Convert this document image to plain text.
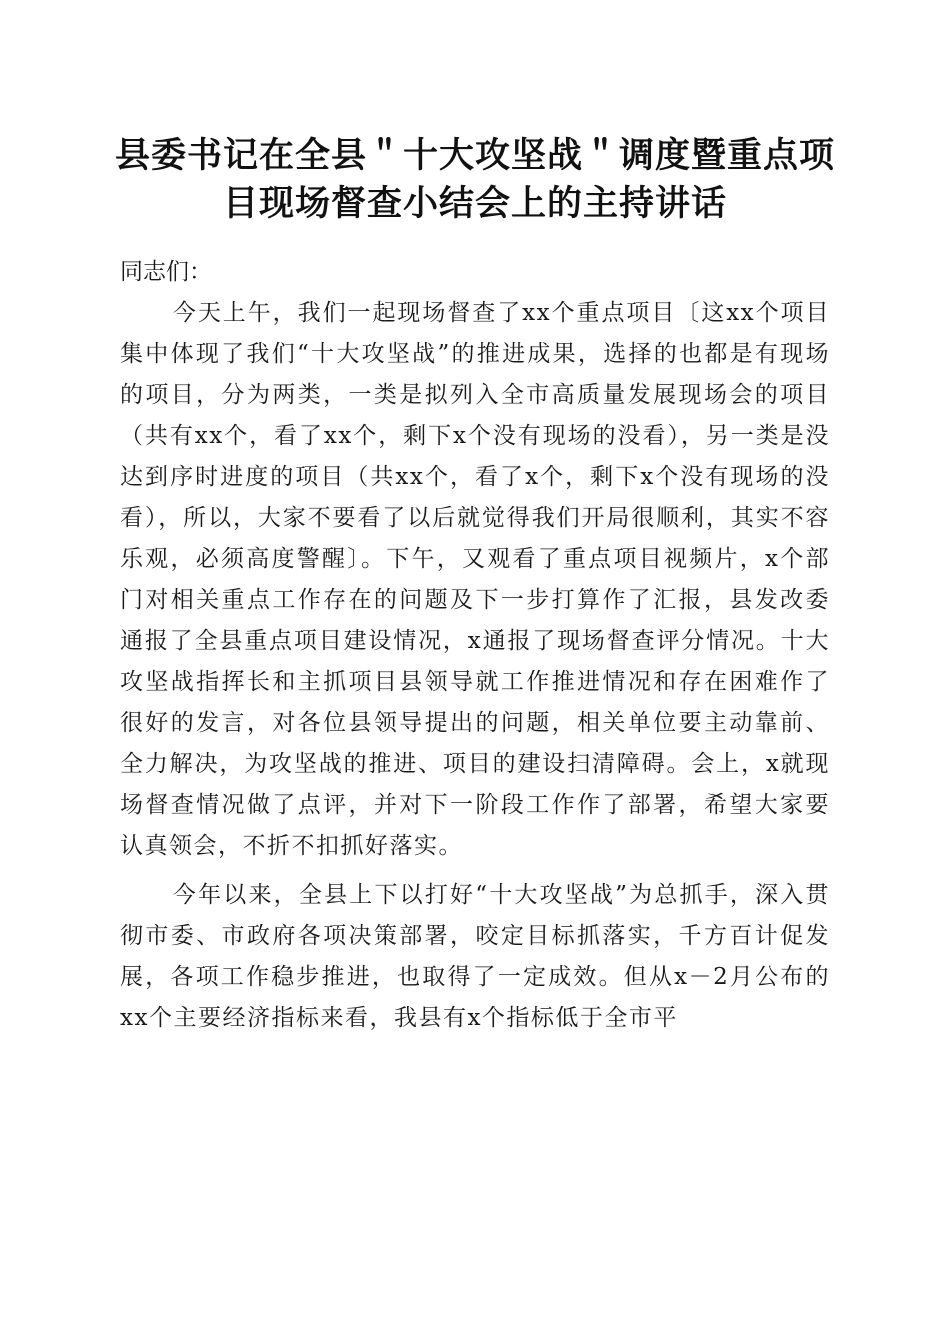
县委书记在全县＂十大攻坚战＂调度暨重点项目现场督查小结会上的主持讲话

同志们：

今天上午，我们一起现场督查了xx个重点项目〔这xx个项目集中体现了我们“十大攻坚战”的推进成果，选择的也都是有现场的项目，分为两类，一类是拟列入全市高质量发展现场会的项目（共有xx个，看了xx个，剩下x个没有现场的没看），另一类是没达到序时进度的项目（共xx个，看了x个，剩下x个没有现场的没看），所以，大家不要看了以后就觉得我们开局很顺利，其实不容乐观，必须高度警醒〕。下午，又观看了重点项目视频片，x个部门对相关重点工作存在的问题及下一步打算作了汇报，县发改委通报了全县重点项目建设情况，x通报了现场督查评分情况。十大攻坚战指挥长和主抓项目县领导就工作推进情况和存在困难作了很好的发言，对各位县领导提出的问题，相关单位要主动靠前、全力解决，为攻坚战的推进、项目的建设扫清障碍。会上，x就现场督查情况做了点评，并对下一阶段工作作了部署，希望大家要认真领会，不折不扣抓好落实。

今年以来，全县上下以打好“十大攻坚战”为总抓手，深入贯彻市委、市政府各项决策部署，咬定目标抓落实，千方百计促发展，各项工作稳步推进，也取得了一定成效。但从x－2月公布的xx个主要经济指标来看，我县有x个指标低于全市平
